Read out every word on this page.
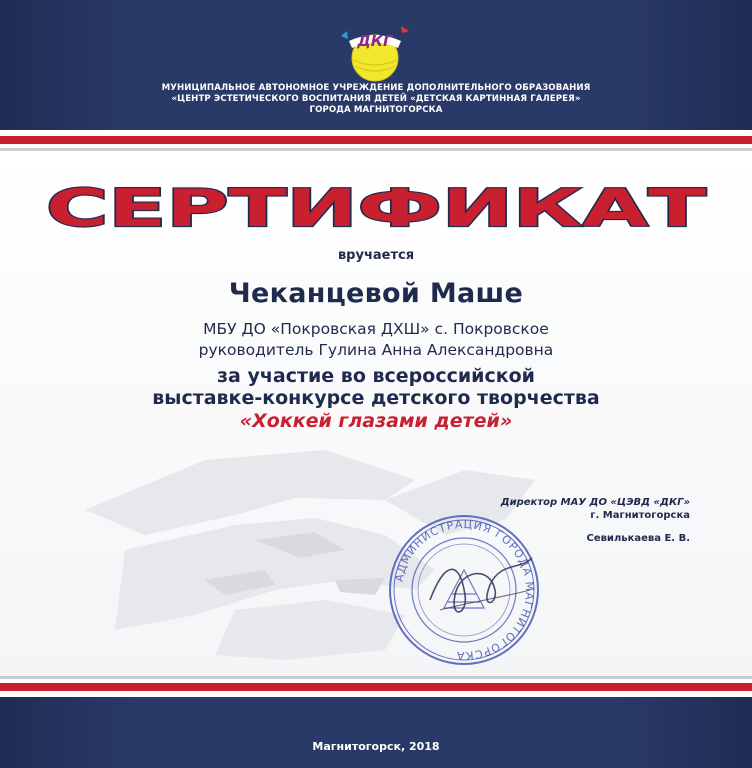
ДКГ
МУНИЦИПАЛЬНОЕ АВТОНОМНОЕ УЧРЕЖДЕНИЕ ДОПОЛНИТЕЛЬНОГО ОБРАЗОВАНИЯ
«ЦЕНТР ЭСТЕТИЧЕСКОГО ВОСПИТАНИЯ ДЕТЕЙ «ДЕТСКАЯ КАРТИННАЯ ГАЛЕРЕЯ»
ГОРОДА МАГНИТОГОРСКА
СЕРТИФИКАТ
вручается
Чеканцевой Маше
МБУ ДО «Покровская ДХШ» с. Покровское
руководитель Гулина Анна Александровна
за участие во всероссийской
выставке-конкурсе детского творчества
«Хоккей глазами детей»
Директор МАУ ДО «ЦЭВД «ДКГ»
г. Магнитогорска
Севилькаева Е. В.
АДМИНИСТРАЦИЯ ГОРОДА МАГНИТОГОРСКА
Магнитогорск, 2018
